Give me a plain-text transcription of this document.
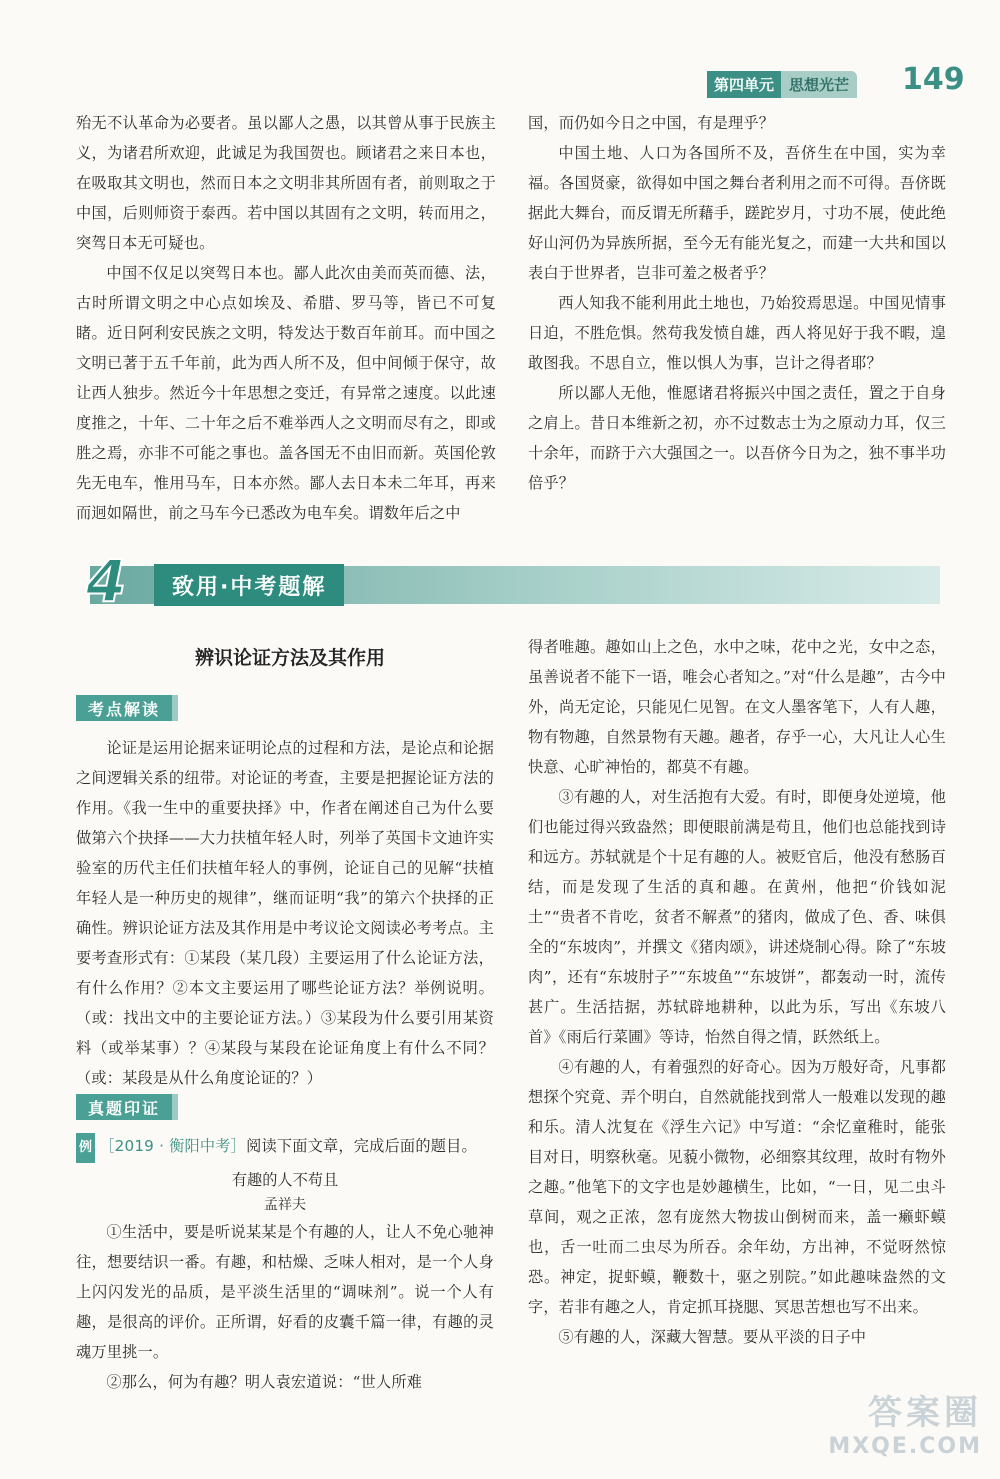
第四单元	思想光芒 149

殆无不认革命为必要者。虽以鄙人之愚，以其曾从事于民族主义，为诸君所欢迎，此诚足为我国贺也。顾诸君之来日本也，在吸取其文明也，然而日本之文明非其所固有者，前则取之于中国，后则师资于泰西。若中国以其固有之文明，转而用之，突驾日本无可疑也。

中国不仅足以突驾日本也。鄙人此次由美而英而德、法，古时所谓文明之中心点如埃及、希腊、罗马等，皆已不可复睹。近日阿利安民族之文明，特发达于数百年前耳。而中国之文明已著于五千年前，此为西人所不及，但中间倾于保守，故让西人独步。然近今十年思想之变迁，有异常之速度。以此速度推之，十年、二十年之后不难举西人之文明而尽有之，即或胜之焉，亦非不可能之事也。盖各国无不由旧而新。英国伦敦先无电车，惟用马车，日本亦然。鄙人去日本未二年耳，再来而迥如隔世，前之马车今已悉改为电车矣。谓数年后之中

国，而仍如今日之中国，有是理乎？

中国土地、人口为各国所不及，吾侪生在中国，实为幸福。各国贤豪，欲得如中国之舞台者利用之而不可得。吾侪既据此大舞台，而反谓无所藉手，蹉跎岁月，寸功不展，使此绝好山河仍为异族所据，至今无有能光复之，而建一大共和国以表白于世界者，岂非可羞之极者乎？

西人知我不能利用此土地也，乃始狡焉思逞。中国见情事日迫，不胜危惧。然苟我发愤自雄，西人将见好于我不暇，遑敢图我。不思自立，惟以惧人为事，岂计之得者耶？

所以鄙人无他，惟愿诸君将振兴中国之责任，置之于自身之肩上。昔日本维新之初，亦不过数志士为之原动力耳，仅三十余年，而跻于六大强国之一。以吾侪今日为之，独不事半功倍乎？

4	致用·中考题解
辨识论证方法及其作用
考点解读

论证是运用论据来证明论点的过程和方法，是论点和论据之间逻辑关系的纽带。对论证的考查，主要是把握论证方法的作用。《我一生中的重要抉择》中，作者在阐述自己为什么要做第六个抉择——大力扶植年轻人时，列举了英国卡文迪许实验室的历代主任们扶植年轻人的事例，论证自己的见解“扶植年轻人是一种历史的规律”，继而证明“我”的第六个抉择的正确性。辨识论证方法及其作用是中考议论文阅读必考考点。主要考查形式有：①某段（某几段）主要运用了什么论证方法，有什么作用？②本文主要运用了哪些论证方法？举例说明。（或：找出文中的主要论证方法。）③某段为什么要引用某资料（或举某事）？④某段与某段在论证角度上有什么不同？（或：某段是从什么角度论证的？）

真题印证

例 ［2019 · 衡阳中考］阅读下面文章，完成后面的题目。

有趣的人不苟且
孟祥夫

①生活中，要是听说某某是个有趣的人，让人不免心驰神往，想要结识一番。有趣，和枯燥、乏味人相对，是一个人身上闪闪发光的品质，是平淡生活里的“调味剂”。说一个人有趣，是很高的评价。正所谓，好看的皮囊千篇一律，有趣的灵魂万里挑一。

②那么，何为有趣？明人袁宏道说：“世人所难

得者唯趣。趣如山上之色，水中之味，花中之光，女中之态，虽善说者不能下一语，唯会心者知之。”对“什么是趣”，古今中外，尚无定论，只能见仁见智。在文人墨客笔下，人有人趣，物有物趣，自然景物有天趣。趣者，存乎一心，大凡让人心生快意、心旷神怡的，都莫不有趣。

③有趣的人，对生活抱有大爱。有时，即便身处逆境，他们也能过得兴致盎然；即便眼前满是苟且，他们也总能找到诗和远方。苏轼就是个十足有趣的人。被贬官后，他没有愁肠百结，而是发现了生活的真和趣。在黄州，他把“价钱如泥土”“贵者不肯吃，贫者不解煮”的猪肉，做成了色、香、味俱全的“东坡肉”，并撰文《猪肉颂》，讲述烧制心得。除了“东坡肉”，还有“东坡肘子”“东坡鱼”“东坡饼”，都轰动一时，流传甚广。生活拮据，苏轼辟地耕种，以此为乐，写出《东坡八首》《雨后行菜圃》等诗，怡然自得之情，跃然纸上。

④有趣的人，有着强烈的好奇心。因为万般好奇，凡事都想探个究竟、弄个明白，自然就能找到常人一般难以发现的趣和乐。清人沈复在《浮生六记》中写道：“余忆童稚时，能张目对日，明察秋毫。见藐小微物，必细察其纹理，故时有物外之趣。”他笔下的文字也是妙趣横生，比如，“一日，见二虫斗草间，观之正浓，忽有庞然大物拔山倒树而来，盖一癞虾蟆也，舌一吐而二虫尽为所吞。余年幼，方出神，不觉呀然惊恐。神定，捉虾蟆，鞭数十，驱之别院。”如此趣味盎然的文字，若非有趣之人，肯定抓耳挠腮、冥思苦想也写不出来。

⑤有趣的人，深藏大智慧。要从平淡的日子中

答案圈
MXQE.COM
